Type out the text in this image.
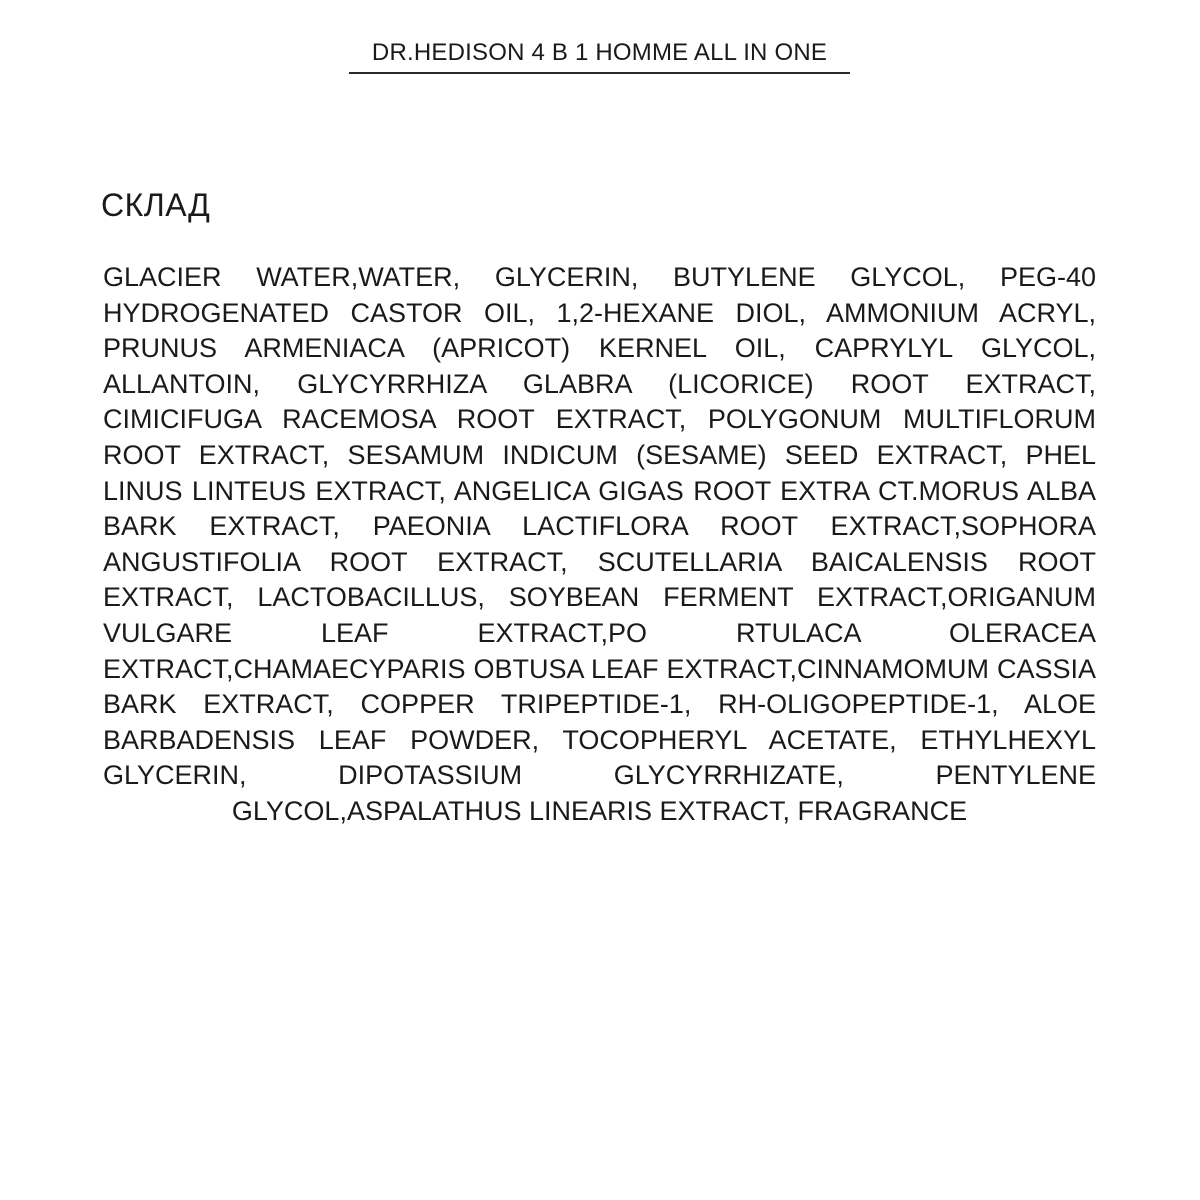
DR.HEDISON 4 В 1 HOMME ALL IN ONE
СКЛАД

GLACIER WATER,WATER, GLYCERIN, BUTYLENE GLYCOL, PEG-40 HYDROGENATED CASTOR OIL, 1,2-HEXANE DIOL, AMMONIUM ACRYL, PRUNUS ARMENIACA (APRICOT) KERNEL OIL, CAPRYLYL GLYCOL, ALLANTOIN, GLYCYRRHIZA GLABRA (LICORICE) ROOT EXTRACT, CIMICIFUGA RACEMOSA ROOT EXTRACT, POLYGONUM MULTIFLORUM ROOT EXTRACT, SESAMUM INDICUM (SESAME) SEED EXTRACT, PHEL LINUS LINTEUS EXTRACT, ANGELICA GIGAS ROOT EXTRA CT.MORUS ALBA BARK EXTRACT, PAEONIA LACTIFLORA ROOT EXTRACT,SOPHORA ANGUSTIFOLIA ROOT EXTRACT, SCUTELLARIA BAICALENSIS ROOT EXTRACT, LACTOBACILLUS, SOYBEAN FERMENT EXTRACT,ORIGANUM VULGARE LEAF EXTRACT,PO RTULACA OLERACEA EXTRACT,CHAMAECYPARIS OBTUSA LEAF EXTRACT,CINNAMOMUM CASSIA BARK EXTRACT, COPPER TRIPEPTIDE-1, RH-OLIGOPEPTIDE-1, ALOE BARBADENSIS LEAF POWDER, TOCOPHERYL ACETATE, ETHYLHEXYL GLYCERIN, DIPOTASSIUM GLYCYRRHIZATE, PENTYLENE GLYCOL,ASPALATHUS LINEARIS EXTRACT, FRAGRANCE
